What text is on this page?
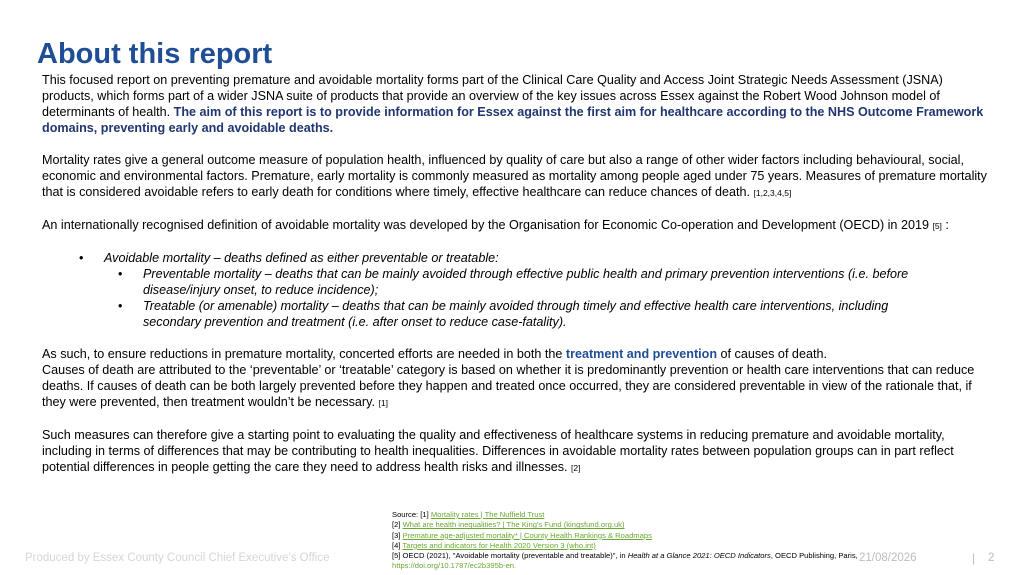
About this report

This focused report on preventing premature and avoidable mortality forms part of the Clinical Care Quality and Access Joint Strategic Needs Assessment (JSNA) products, which forms part of a wider JSNA suite of products that provide an overview of the key issues across Essex against the Robert Wood Johnson model of determinants of health. The aim of this report is to provide information for Essex against the first aim for healthcare according to the NHS Outcome Framework domains, preventing early and avoidable deaths.

Mortality rates give a general outcome measure of population health, influenced by quality of care but also a range of other wider factors including behavioural, social, economic and environmental factors. Premature, early mortality is commonly measured as mortality among people aged under 75 years. Measures of premature mortality that is considered avoidable refers to early death for conditions where timely, effective healthcare can reduce chances of death. [1,2,3,4,5]

An internationally recognised definition of avoidable mortality was developed by the Organisation for Economic Co-operation and Development (OECD) in 2019 [5] :

• Avoidable mortality – deaths defined as either preventable or treatable:
• Preventable mortality – deaths that can be mainly avoided through effective public health and primary prevention interventions (i.e. before disease/injury onset, to reduce incidence);
• Treatable (or amenable) mortality – deaths that can be mainly avoided through timely and effective health care interventions, including secondary prevention and treatment (i.e. after onset to reduce case-fatality).

As such, to ensure reductions in premature mortality, concerted efforts are needed in both the treatment and prevention of causes of death.

Causes of death are attributed to the ‘preventable’ or ‘treatable’ category is based on whether it is predominantly prevention or health care interventions that can reduce deaths. If causes of death can be both largely prevented before they happen and treated once occurred, they are considered preventable in view of the rationale that, if they were prevented, then treatment wouldn’t be necessary. [1]

Such measures can therefore give a starting point to evaluating the quality and effectiveness of healthcare systems in reducing premature and avoidable mortality, including in terms of differences that may be contributing to health inequalities. Differences in avoidable mortality rates between population groups can in part reflect potential differences in people getting the care they need to address health risks and illnesses. [2]

Source: [1] Mortality rates | The Nuffield Trust
[2] What are health inequalities? | The King's Fund (kingsfund.org.uk)
[3] Premature age-adjusted mortality* | County Health Rankings & Roadmaps
[4] Targets and indicators for Health 2020 Version 3 (who.int)
[5] OECD (2021), "Avoidable mortality (preventable and treatable)", in Health at a Glance 2021: OECD Indicators, OECD Publishing, Paris, https://doi.org/10.1787/ec2b395b-en.
Produced by Essex County Council Chief Executive’s Office	21/08/2026	| 2
